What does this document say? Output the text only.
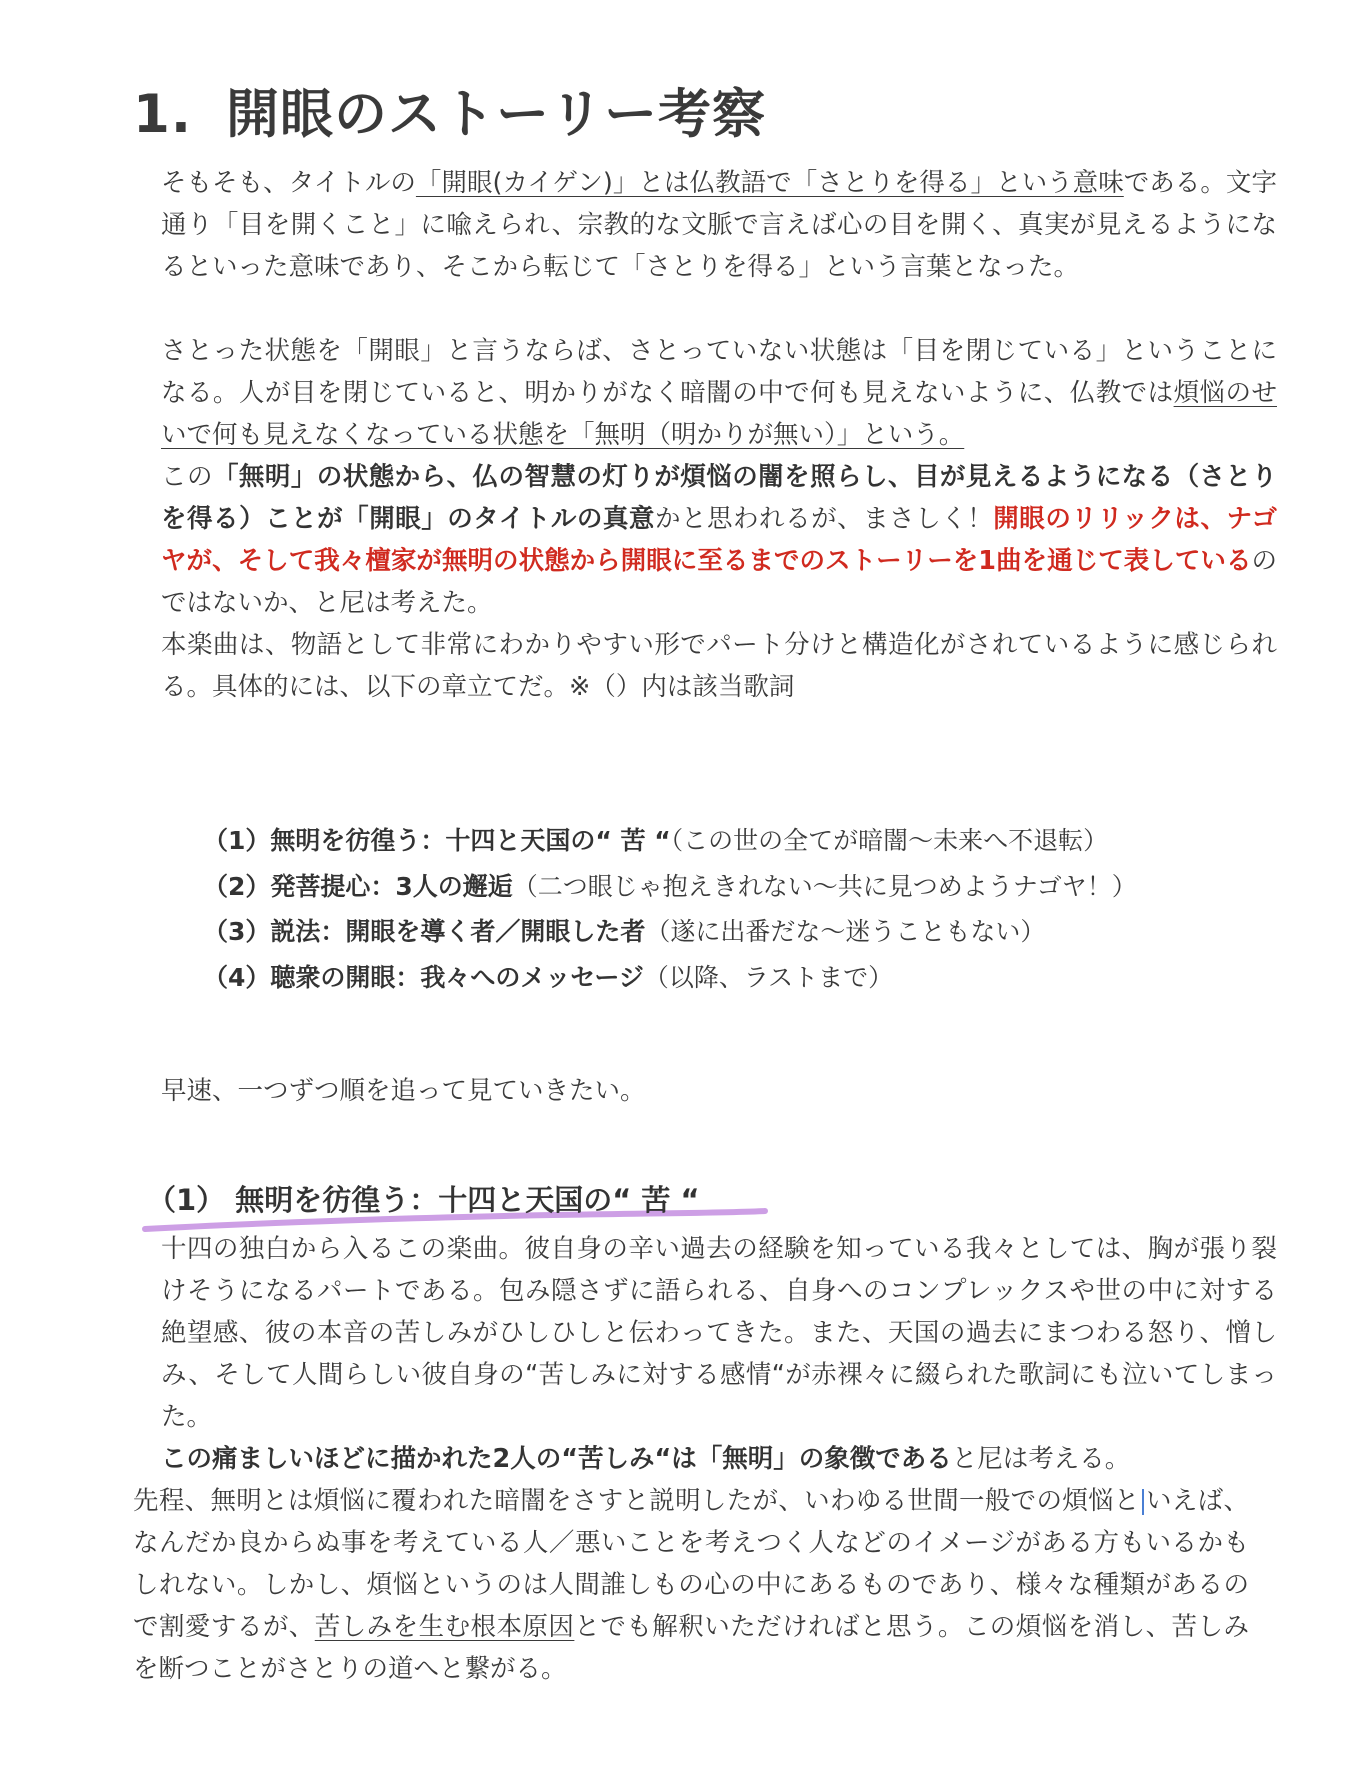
1. 開眼のストーリー考察

そもそも、タイトルの「開眼(カイゲン)」とは仏教語で「さとりを得る」という意味である。文字通り「目を開くこと」に喩えられ、宗教的な文脈で言えば心の目を開く、真実が見えるようになるといった意味であり、そこから転じて「さとりを得る」という言葉となった。

さとった状態を「開眼」と言うならば、さとっていない状態は「目を閉じている」ということになる。人が目を閉じていると、明かりがなく暗闇の中で何も見えないように、仏教では煩悩のせいで何も見えなくなっている状態を「無明（明かりが無い）」という。

この「無明」の状態から、仏の智慧の灯りが煩悩の闇を照らし、目が見えるようになる（さとりを得る）ことが「開眼」のタイトルの真意かと思われるが、まさしく！開眼のリリックは、ナゴヤが、そして我々檀家が無明の状態から開眼に至るまでのストーリーを1曲を通じて表しているのではないか、と尼は考えた。

本楽曲は、物語として非常にわかりやすい形でパート分けと構造化がされているように感じられる。具体的には、以下の章立てだ。※（）内は該当歌詞

（1）無明を彷徨う：十四と天国の“ 苦 “（この世の全てが暗闇〜未来へ不退転）
（2）発菩提心：3人の邂逅（二つ眼じゃ抱えきれない〜共に見つめようナゴヤ！）
（3）説法：開眼を導く者／開眼した者（遂に出番だな〜迷うこともない）
（4）聴衆の開眼：我々へのメッセージ（以降、ラストまで）

早速、一つずつ順を追って見ていきたい。

（1） 無明を彷徨う：十四と天国の“ 苦 “

十四の独白から入るこの楽曲。彼自身の辛い過去の経験を知っている我々としては、胸が張り裂けそうになるパートである。包み隠さずに語られる、自身へのコンプレックスや世の中に対する絶望感、彼の本音の苦しみがひしひしと伝わってきた。また、天国の過去にまつわる怒り、憎しみ、そして人間らしい彼自身の“苦しみに対する感情“が赤裸々に綴られた歌詞にも泣いてしまった。

この痛ましいほどに描かれた2人の“苦しみ“は「無明」の象徴であると尼は考える。

先程、無明とは煩悩に覆われた暗闇をさすと説明したが、いわゆる世間一般での煩悩と いえば、なんだか良からぬ事を考えている人／悪いことを考えつく人などのイメージがある方もいるかもしれない。しかし、煩悩というのは人間誰しもの心の中にあるものであり、様々な種類があるので割愛するが、苦しみを生む根本原因とでも解釈いただければと思う。この煩悩を消し、苦しみを断つことがさとりの道へと繋がる。
